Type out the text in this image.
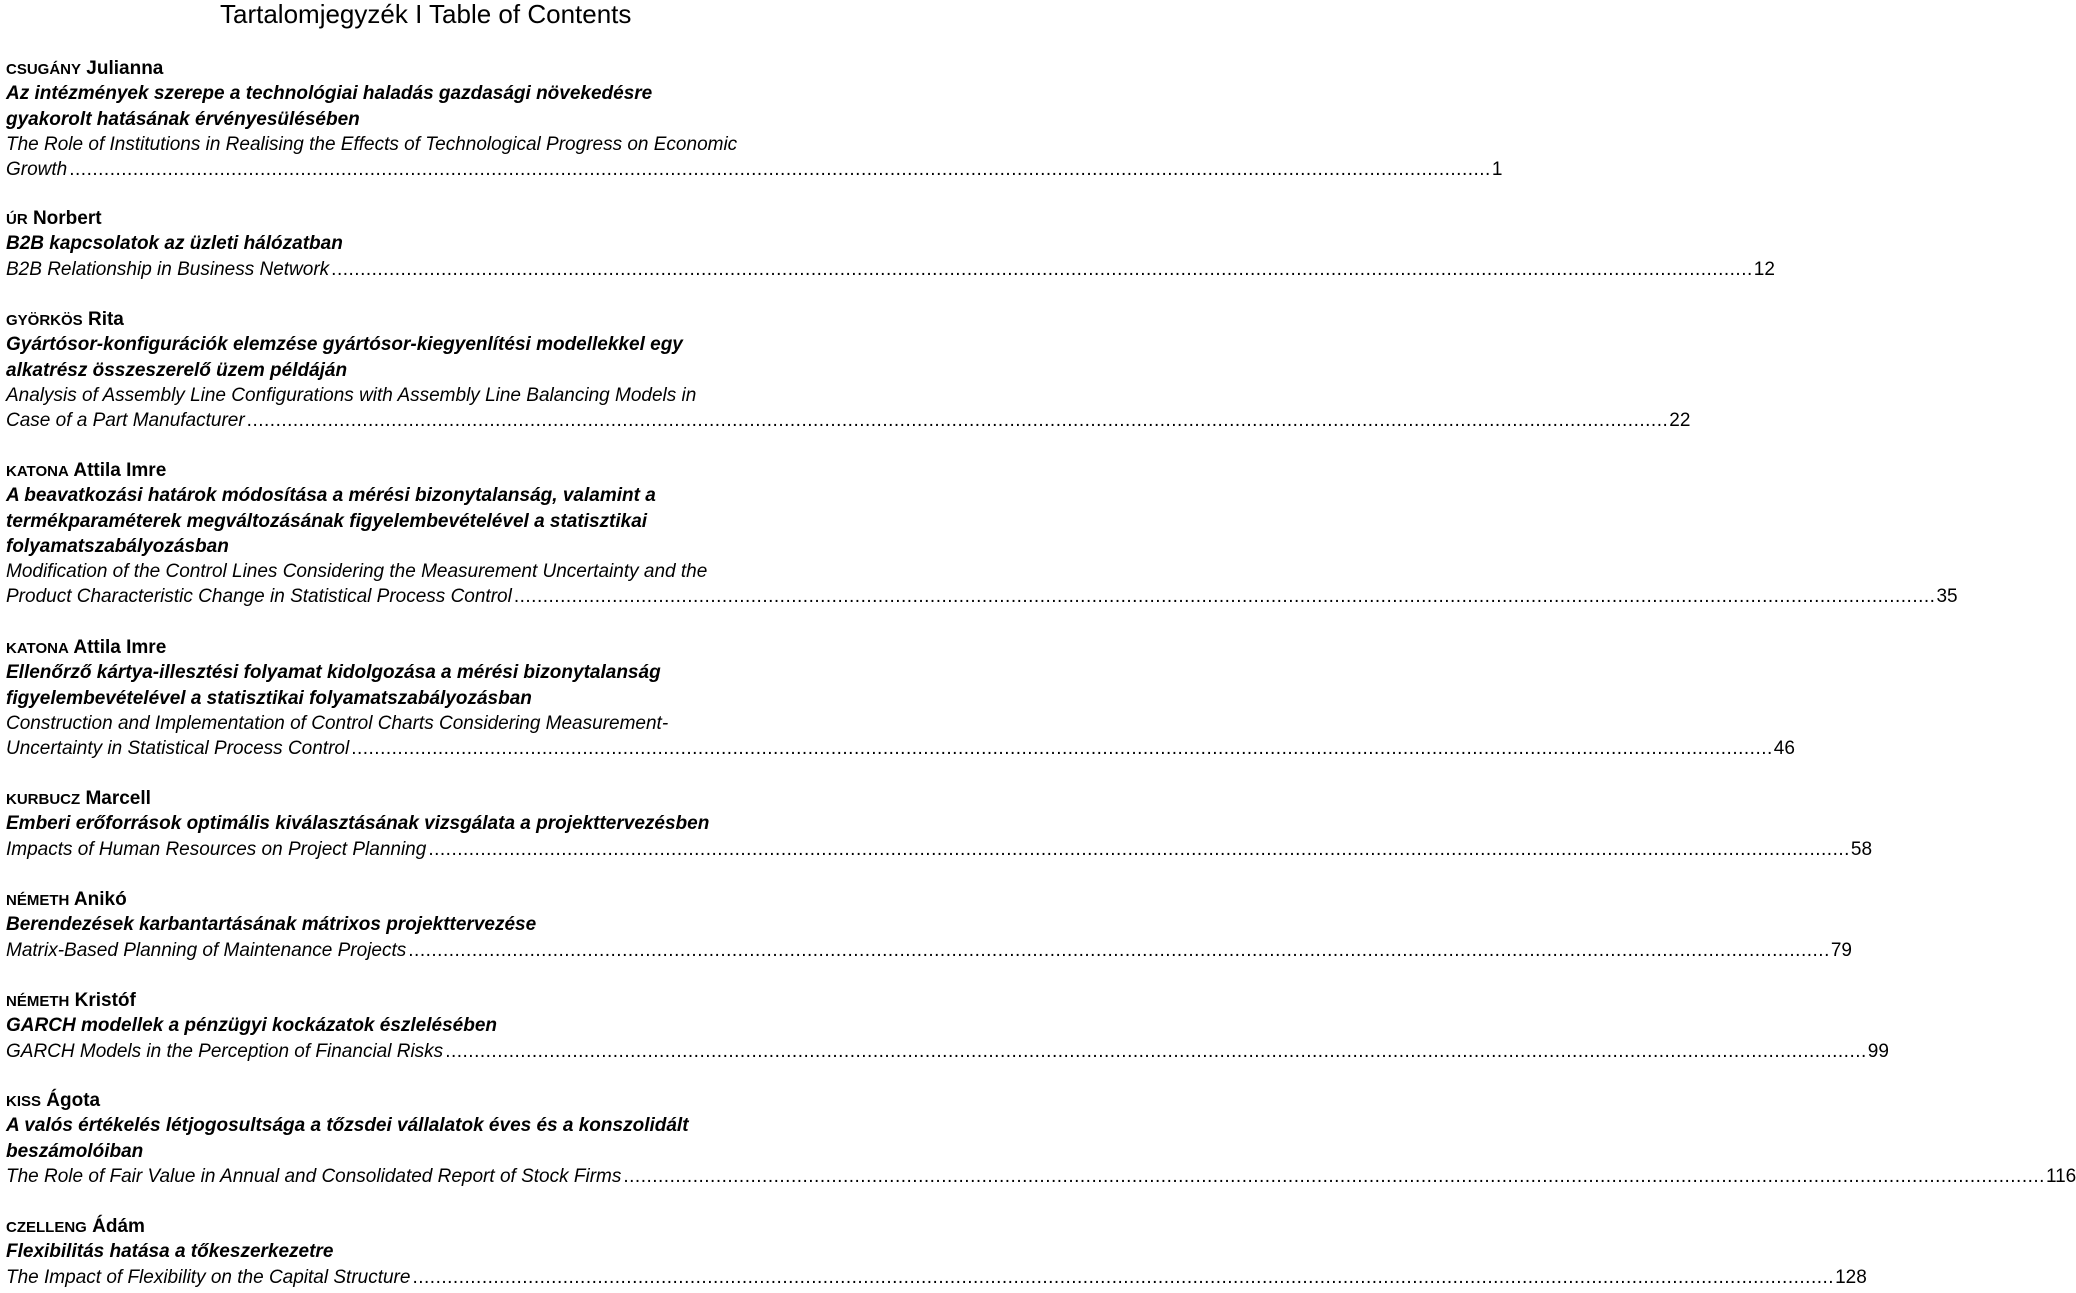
Tartalomjegyzék I Table of Contents
CSUGÁNY Julianna
Az intézmények szerepe a technológiai haladás gazdasági növekedésre
gyakorolt hatásának érvényesülésében
The Role of Institutions in Realising the Effects of Technological Progress on Economic
Growth ...................................................................................................................................................................................................................................................... 1
ÚR Norbert
B2B kapcsolatok az üzleti hálózatban
B2B Relationship in Business Network ...................................................................................................................................................................................................................................................... 12
GYÖRKÖS Rita
Gyártósor-konfigurációk elemzése gyártósor-kiegyenlítési modellekkel egy
alkatrész összeszerelő üzem példáján
Analysis of Assembly Line Configurations with Assembly Line Balancing Models in
Case of a Part Manufacturer ...................................................................................................................................................................................................................................................... 22
KATONA Attila Imre
A beavatkozási határok módosítása a mérési bizonytalanság, valamint a
termékparaméterek megváltozásának figyelembevételével a statisztikai
folyamatszabályozásban
Modification of the Control Lines Considering the Measurement Uncertainty and the
Product Characteristic Change in Statistical Process Control ...................................................................................................................................................................................................................................................... 35
KATONA Attila Imre
Ellenőrző kártya-illesztési folyamat kidolgozása a mérési bizonytalanság
figyelembevételével a statisztikai folyamatszabályozásban
Construction and Implementation of Control Charts Considering Measurement-
Uncertainty in Statistical Process Control ...................................................................................................................................................................................................................................................... 46
KURBUCZ Marcell
Emberi erőforrások optimális kiválasztásának vizsgálata a projekttervezésben
Impacts of Human Resources on Project Planning ...................................................................................................................................................................................................................................................... 58
NÉMETH Anikó
Berendezések karbantartásának mátrixos projekttervezése
Matrix-Based Planning of Maintenance Projects ...................................................................................................................................................................................................................................................... 79
NÉMETH Kristóf
GARCH modellek a pénzügyi kockázatok észlelésében
GARCH Models in the Perception of Financial Risks ...................................................................................................................................................................................................................................................... 99
KISS Ágota
A valós értékelés létjogosultsága a tőzsdei vállalatok éves és a konszolidált
beszámolóiban
The Role of Fair Value in Annual and Consolidated Report of Stock Firms ...................................................................................................................................................................................................................................................... 116
CZELLENG Ádám
Flexibilitás hatása a tőkeszerkezetre
The Impact of Flexibility on the Capital Structure ...................................................................................................................................................................................................................................................... 128
